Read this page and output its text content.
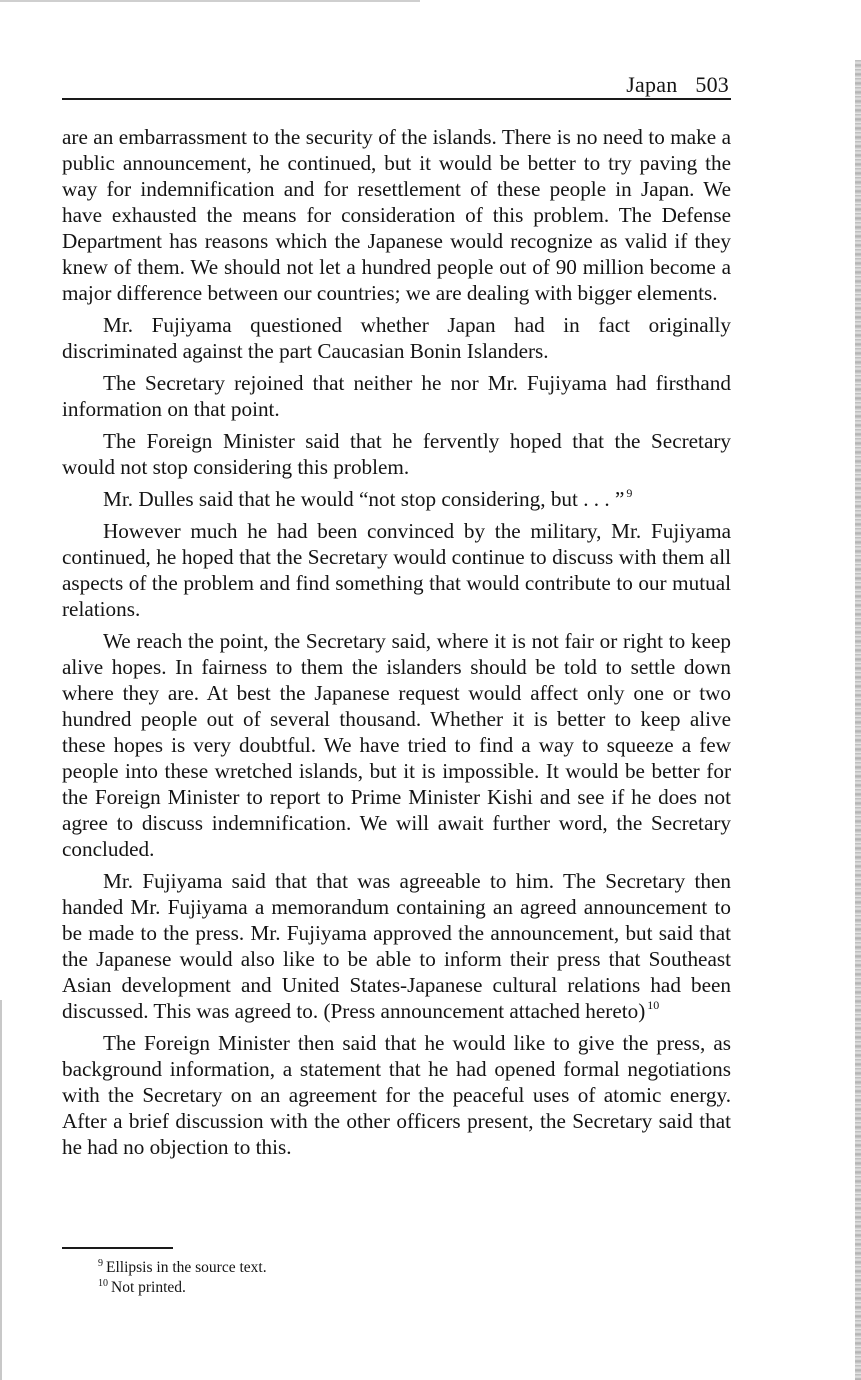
Japan 503

are an embarrassment to the security of the islands. There is no need to make a public announcement, he continued, but it would be better to try paving the way for indemnification and for resettlement of these people in Japan. We have exhausted the means for consideration of this problem. The Defense Department has reasons which the Japanese would recognize as valid if they knew of them. We should not let a hundred people out of 90 million become a major difference between our countries; we are dealing with bigger elements.

Mr. Fujiyama questioned whether Japan had in fact originally discriminated against the part Caucasian Bonin Islanders.

The Secretary rejoined that neither he nor Mr. Fujiyama had firsthand information on that point.

The Foreign Minister said that he fervently hoped that the Secretary would not stop considering this problem.

Mr. Dulles said that he would “not stop considering, but . . . ” $^9$

However much he had been convinced by the military, Mr. Fujiyama continued, he hoped that the Secretary would continue to discuss with them all aspects of the problem and find something that would contribute to our mutual relations.

We reach the point, the Secretary said, where it is not fair or right to keep alive hopes. In fairness to them the islanders should be told to settle down where they are. At best the Japanese request would affect only one or two hundred people out of several thousand. Whether it is better to keep alive these hopes is very doubtful. We have tried to find a way to squeeze a few people into these wretched islands, but it is impossible. It would be better for the Foreign Minister to report to Prime Minister Kishi and see if he does not agree to discuss indemnification. We will await further word, the Secretary concluded.

Mr. Fujiyama said that that was agreeable to him. The Secretary then handed Mr. Fujiyama a memorandum containing an agreed announcement to be made to the press. Mr. Fujiyama approved the announcement, but said that the Japanese would also like to be able to inform their press that Southeast Asian development and United States-Japanese cultural relations had been discussed. This was agreed to. (Press announcement attached hereto) $^{10}$

The Foreign Minister then said that he would like to give the press, as background information, a statement that he had opened formal negotiations with the Secretary on an agreement for the peaceful uses of atomic energy. After a brief discussion with the other officers present, the Secretary said that he had no objection to this.

$^9$ Ellipsis in the source text.
$^{10}$ Not printed.
